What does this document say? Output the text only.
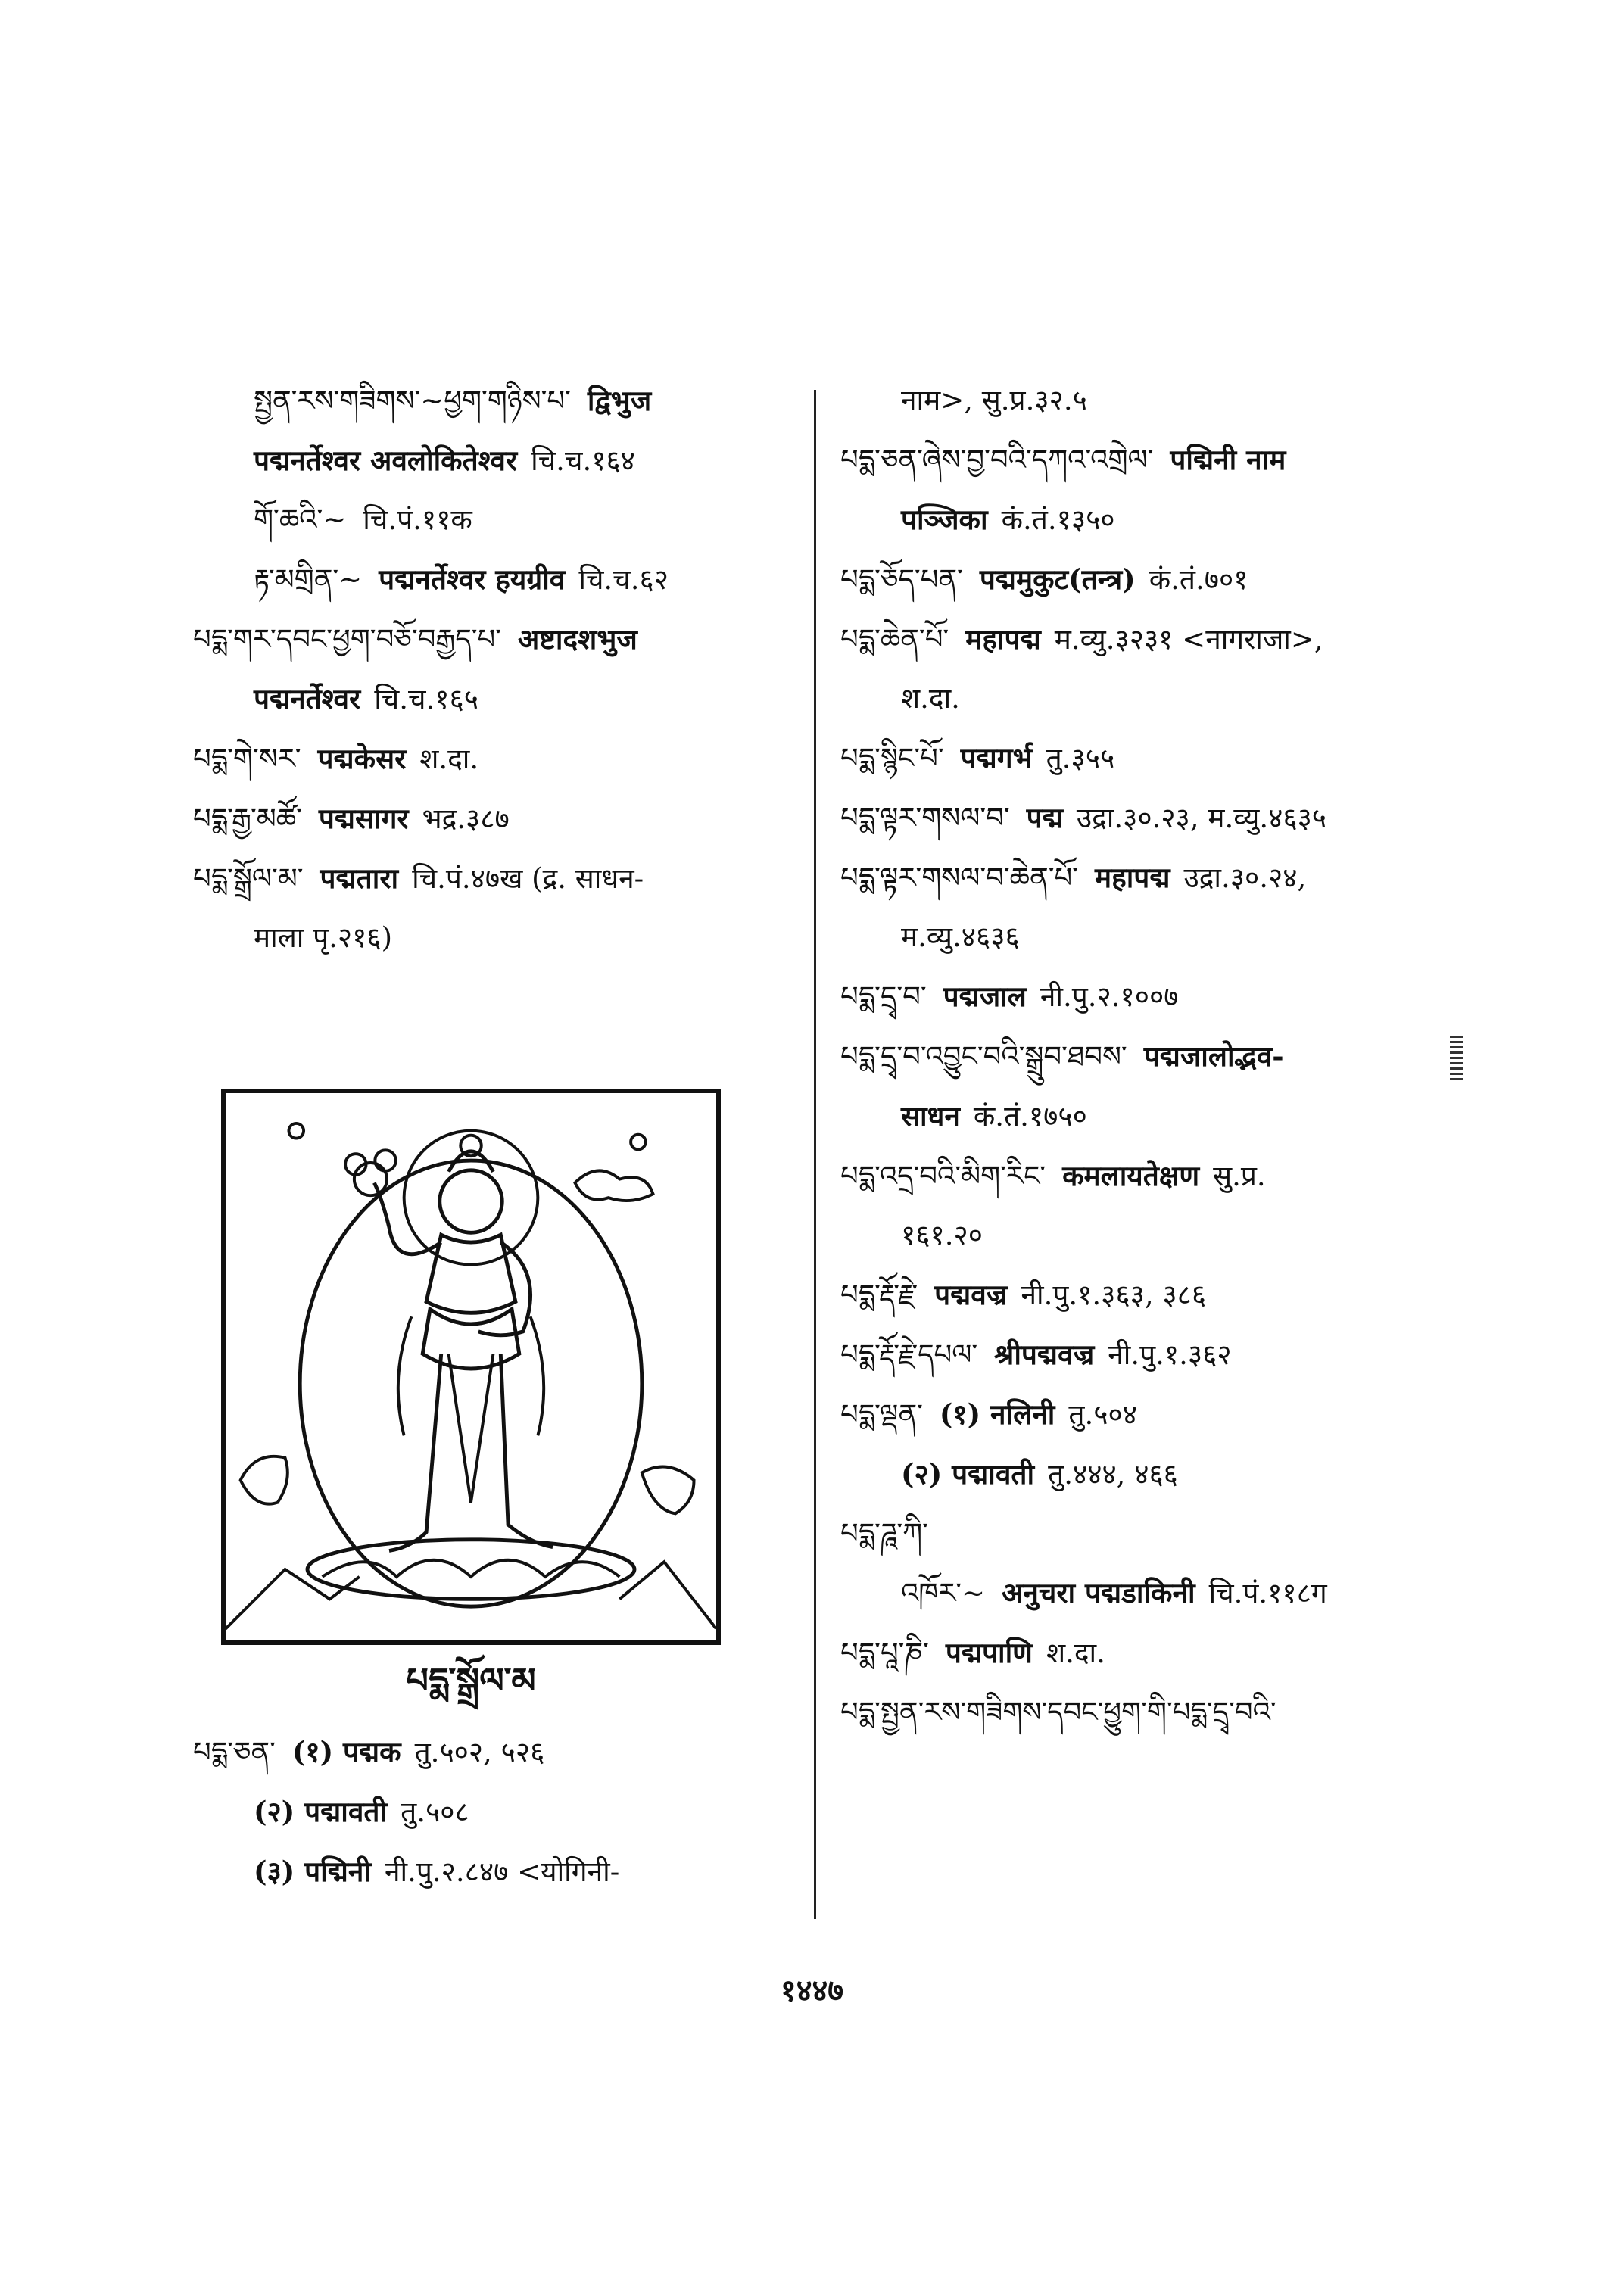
སྤྱན་རས་གཟིགས་~ཕྱག་གཉིས་པ་ द्विभुज
पद्मनर्तेश्वर अवलोकितेश्वर चि.च.१६४
གོ་ཆའི་~ चि.पं.११क
རྟ་མགྲིན་~ पद्मनर्तेश्वर हयग्रीव चि.च.६२
པདྨ་གར་དབང་ཕྱག་བཅོ་བརྒྱད་པ་ अष्टादशभुज
पद्मनर्तेश्वर चि.च.१६५
པདྨ་གེ་སར་ पद्मकेसर श.दा.
པདྨ་རྒྱ་མཚོ་ पद्मसागर भद्र.३८७
པདྨ་སྒྲོལ་མ་ पद्मतारा चि.पं.४७ख (द्र. साधन-
माला पृ.२१६)
པདྨ་སྒྲོལ་མ
པདྨ་ཅན་ (१) पद्मक तु.५०२, ५२६
(२) पद्मावती तु.५०८
(३) पद्मिनी नी.पु.२.८४७ <योगिनी-
नाम>, सु.प्र.३२.५
པདྨ་ཅན་ཞེས་བྱ་བའི་དཀའ་འགྲེལ་ पद्मिनी नाम
पञ्जिका कं.तं.१३५०
པདྨ་ཅོད་པན་ पद्ममुकुट(तन्त्र) कं.तं.७०१
པདྨ་ཆེན་པོ་ महापद्म म.व्यु.३२३१ <नागराजा>,
श.दा.
པདྨ་སྙིང་པོ་ पद्मगर्भ तु.३५५
པདྨ་ལྟར་གསལ་བ་ पद्म उद्रा.३०.२३, म.व्यु.४६३५
པདྨ་ལྟར་གསལ་བ་ཆེན་པོ་ महापद्म उद्रा.३०.२४,
म.व्यु.४६३६
པདྨ་དྲྭ་བ་ पद्मजाल नी.पु.२.१००७
པདྨ་དྲྭ་བ་འབྱུང་བའི་སྒྲུབ་ཐབས་ पद्मजालोद्भव-
साधन कं.तं.१७५०
པདྨ་འདྲ་བའི་མིག་རིང་ कमलायतेक्षण सु.प्र.
१६१.२०
པདྨ་རྡོ་རྗེ་ पद्मवज्र नी.पु.१.३६३, ३८६
པདྨ་རྡོ་རྗེ་དཔལ་ श्रीपद्मवज्र नी.पु.१.३६२
པདྨ་ལྡན་ (१) नलिनी तु.५०४
(२) पद्मावती तु.४४४, ४६६
པདྨ་ཌཱ་ཀི་
འཁོར་~ अनुचरा पद्मडाकिनी चि.पं.११८ग
པདྨ་པཱ་ཎི་ पद्मपाणि श.दा.
པདྨ་སྤྱན་རས་གཟིགས་དབང་ཕྱུག་གི་པདྨ་དྲྭ་བའི་
१४४७
